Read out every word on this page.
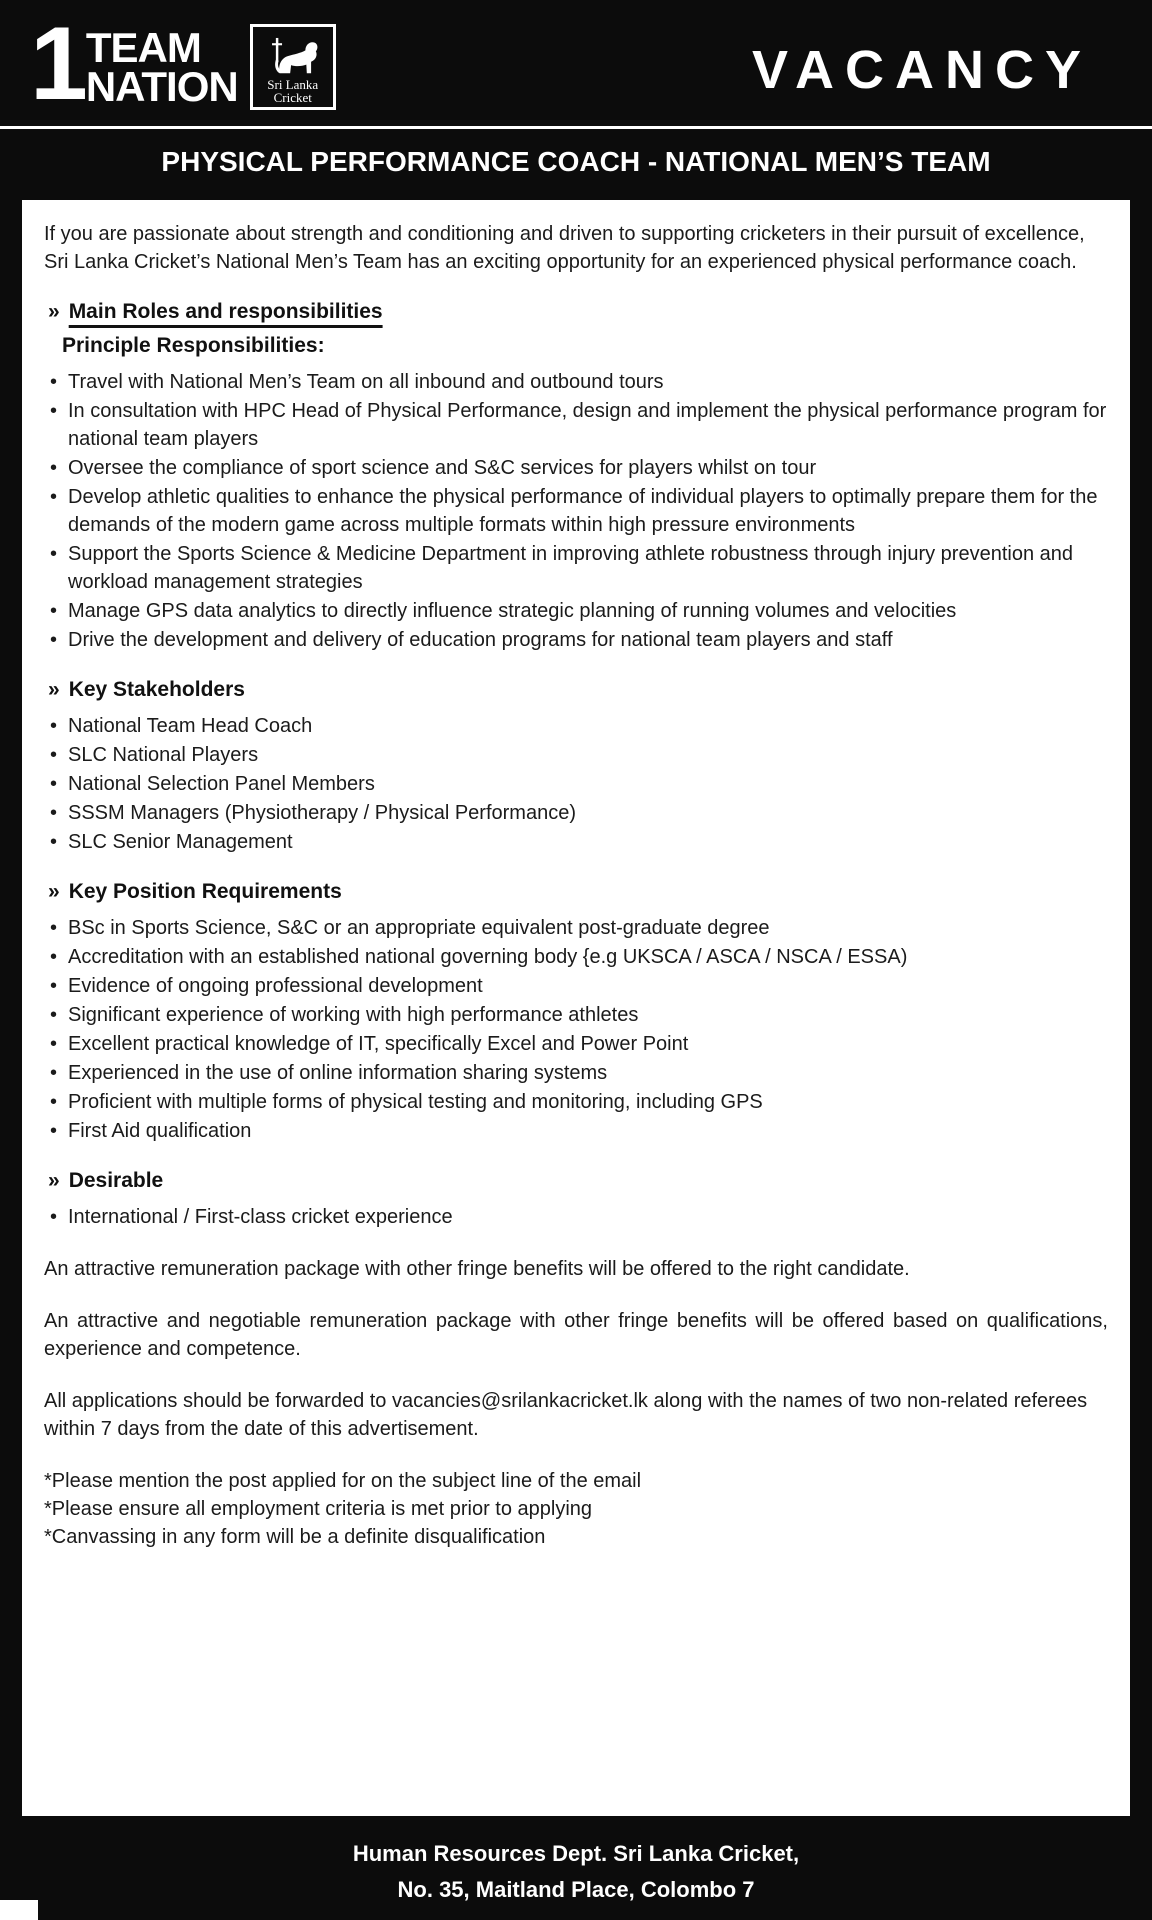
1 TEAM
NATION Sri Lanka
Cricket	VACANCY
PHYSICAL PERFORMANCE COACH - NATIONAL MEN’S TEAM

If you are passionate about strength and conditioning and driven to supporting cricketers in their pursuit of excellence, Sri Lanka Cricket’s National Men’s Team has an exciting opportunity for an experienced physical performance coach.

» Main Roles and responsibilities
Principle Responsibilities:
• Travel with National Men’s Team on all inbound and outbound tours
• In consultation with HPC Head of Physical Performance, design and implement the physical performance program for national team players
• Oversee the compliance of sport science and S&C services for players whilst on tour
• Develop athletic qualities to enhance the physical performance of individual players to optimally prepare them for the demands of the modern game across multiple formats within high pressure environments
• Support the Sports Science & Medicine Department in improving athlete robustness through injury prevention and workload management strategies
• Manage GPS data analytics to directly influence strategic planning of running volumes and velocities
• Drive the development and delivery of education programs for national team players and staff
» Key Stakeholders
• National Team Head Coach
• SLC National Players
• National Selection Panel Members
• SSSM Managers (Physiotherapy / Physical Performance)
• SLC Senior Management
» Key Position Requirements
• BSc in Sports Science, S&C or an appropriate equivalent post-graduate degree
• Accreditation with an established national governing body {e.g UKSCA / ASCA / NSCA / ESSA)
• Evidence of ongoing professional development
• Significant experience of working with high performance athletes
• Excellent practical knowledge of IT, specifically Excel and Power Point
• Experienced in the use of online information sharing systems
• Proficient with multiple forms of physical testing and monitoring, including GPS
• First Aid qualification
» Desirable
• International / First-class cricket experience

An attractive remuneration package with other fringe benefits will be offered to the right candidate.

An attractive and negotiable remuneration package with other fringe benefits will be offered based on qualifications, experience and competence.

All applications should be forwarded to vacancies@srilankacricket.lk along with the names of two non-related referees within 7 days from the date of this advertisement.

*Please mention the post applied for on the subject line of the email

*Please ensure all employment criteria is met prior to applying

*Canvassing in any form will be a definite disqualification

Human Resources Dept. Sri Lanka Cricket,

No. 35, Maitland Place, Colombo 7
